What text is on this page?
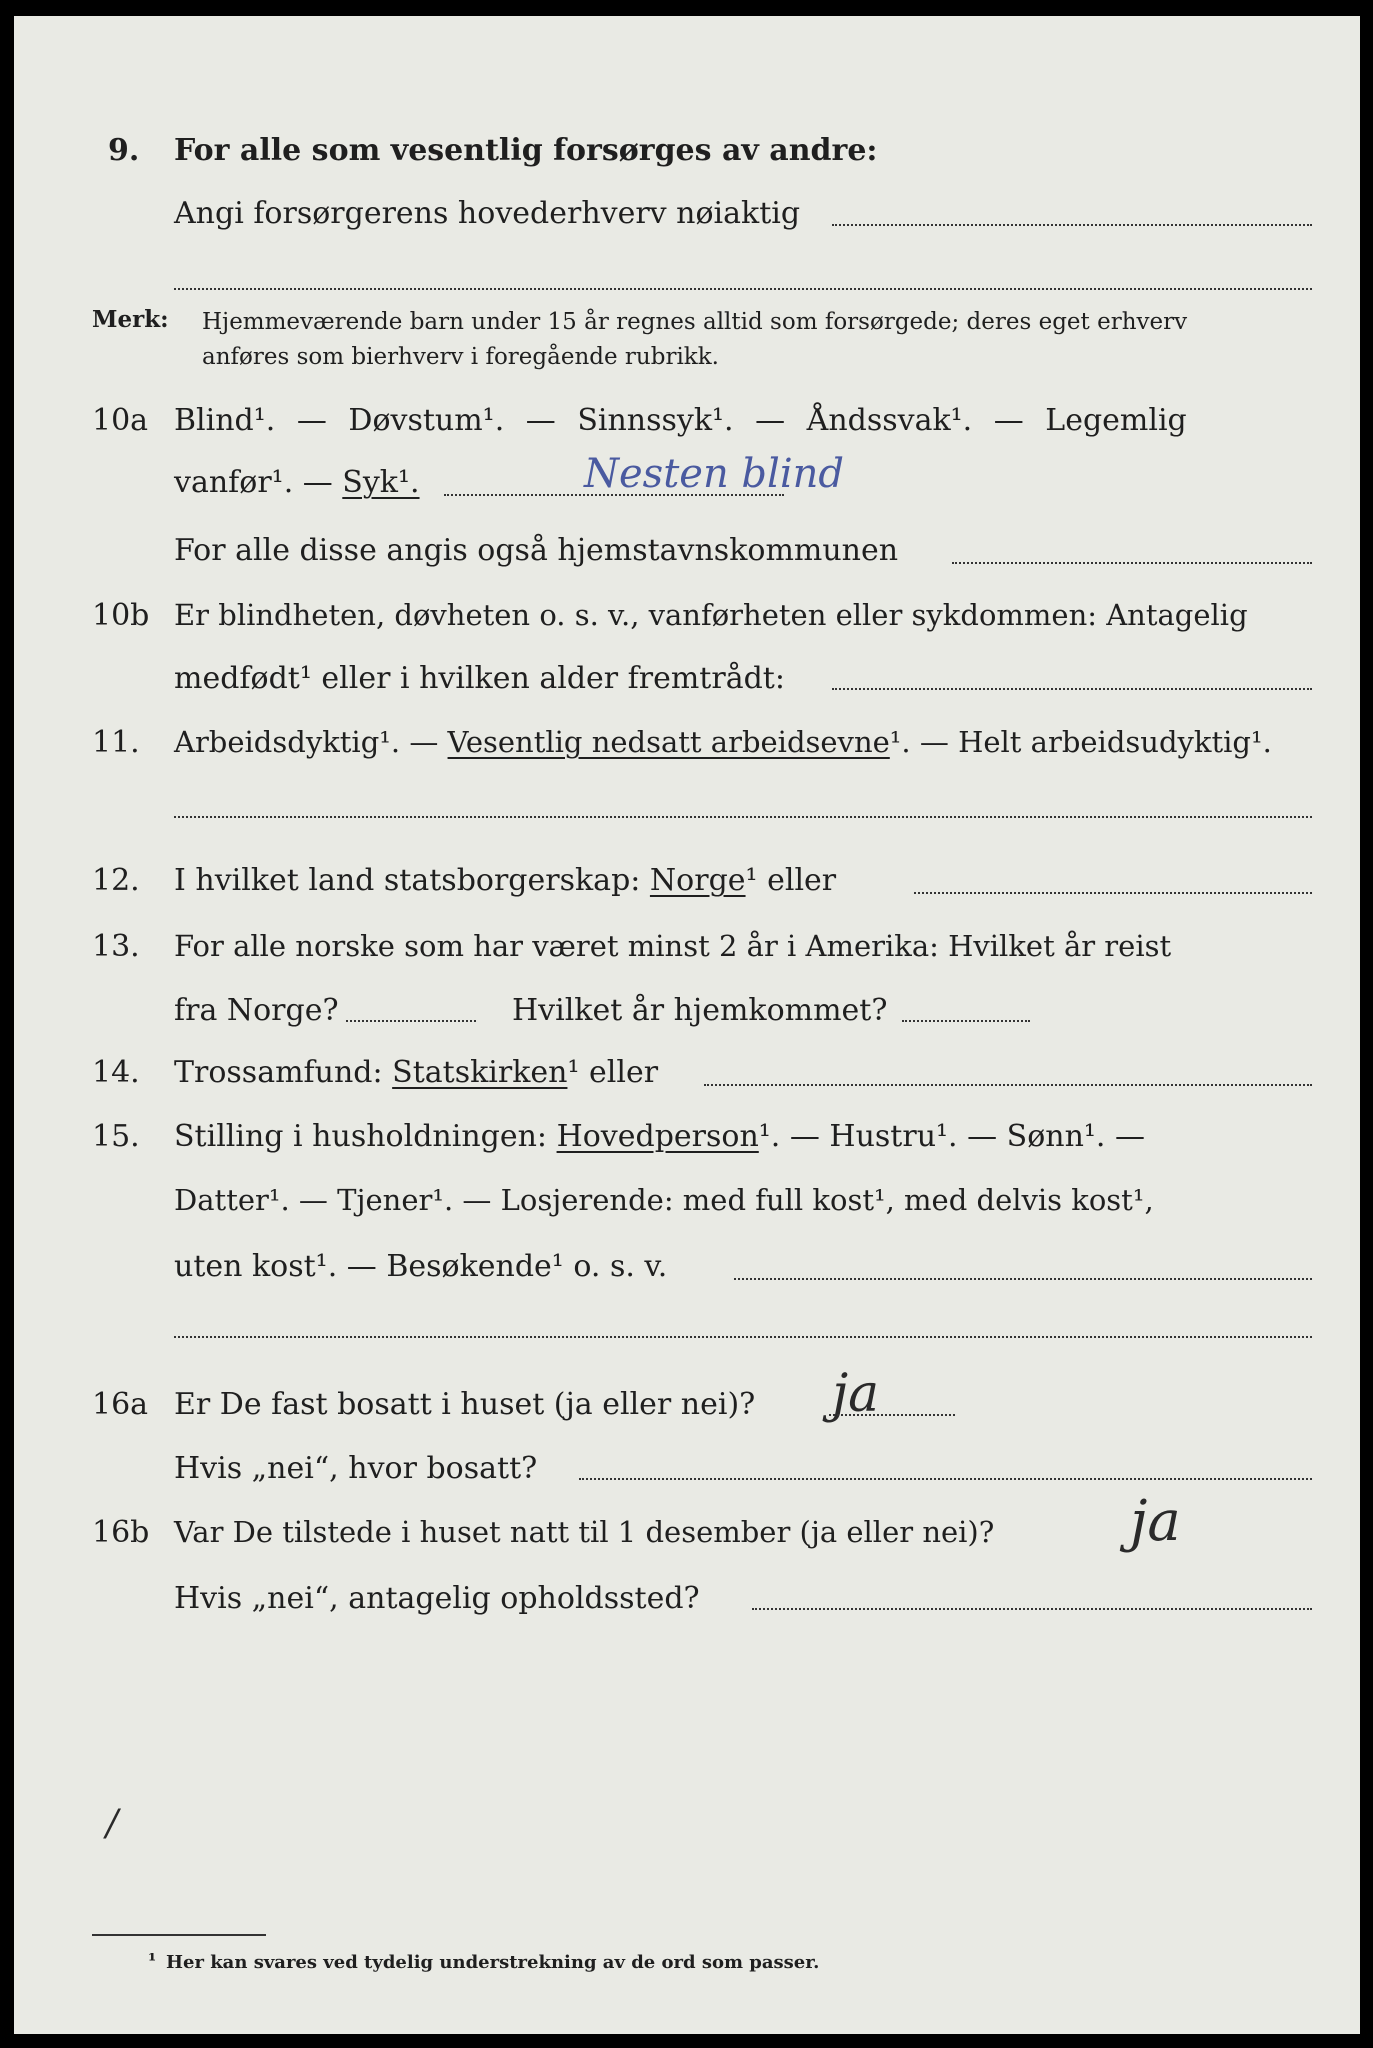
9. For alle som vesentlig forsørges av andre:
Angi forsørgerens hovederhverv nøiaktig
Merk: Hjemmeværende barn under 15 år regnes alltid som forsørgede; deres eget erhverv
anføres som bierhverv i foregående rubrikk.
10a Blind¹. — Døvstum¹. — Sinnssyk¹. — Åndssvak¹. — Legemlig
vanfør¹. — Syk¹.	Nesten blind
For alle disse angis også hjemstavnskommunen
10b Er blindheten, døvheten o. s. v., vanførheten eller sykdommen: Antagelig
medfødt¹ eller i hvilken alder fremtrådt:
11. Arbeidsdyktig¹. — Vesentlig nedsatt arbeidsevne¹. — Helt arbeidsudyktig¹.
12. I hvilket land statsborgerskap: Norge¹ eller
13. For alle norske som har været minst 2 år i Amerika: Hvilket år reist
fra Norge?	Hvilket år hjemkommet?
14. Trossamfund: Statskirken¹ eller
15. Stilling i husholdningen: Hovedperson¹. — Hustru¹. — Sønn¹. —
Datter¹. — Tjener¹. — Losjerende: med full kost¹, med delvis kost¹,
uten kost¹. — Besøkende¹ o. s. v.
16a Er De fast bosatt i huset (ja eller nei)? ja
Hvis „nei“, hvor bosatt?
16b Var De tilstede i huset natt til 1 desember (ja eller nei)? ja
Hvis „nei“, antagelig opholdssted?
/
¹ Her kan svares ved tydelig understrekning av de ord som passer.
